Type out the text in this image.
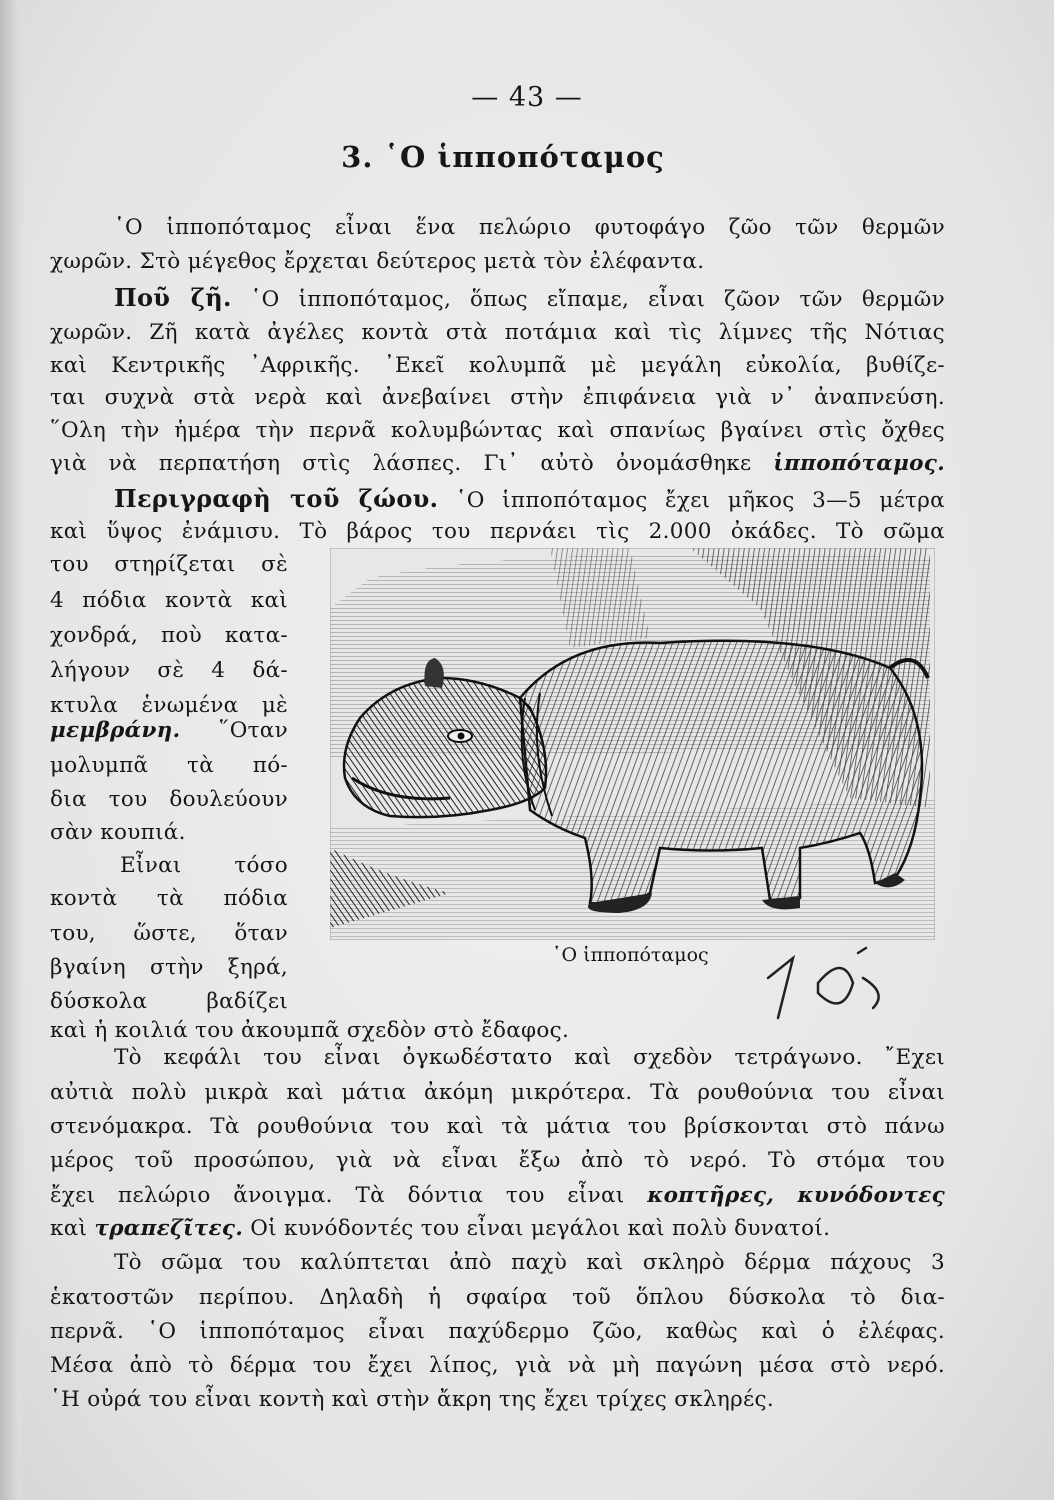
— 43 —
3. ῾Ο ἱπποπόταμος
῾Ο ἱπποπόταμος εἶναι ἕνα πελώριο φυτοφάγο ζῶο τῶν θερμῶν
χωρῶν. Στὸ μέγεθος ἔρχεται δεύτερος μετὰ τὸν ἐλέφαντα.
Ποῦ ζῆ. ῾Ο ἱπποπόταμος, ὅπως εἴπαμε, εἶναι ζῶον τῶν θερμῶν
χωρῶν. Ζῆ κατὰ ἀγέλες κοντὰ στὰ ποτάμια καὶ τὶς λίμνες τῆς Νότιας
καὶ Κεντρικῆς ᾿Αφρικῆς. ᾿Εκεῖ κολυμπᾶ μὲ μεγάλη εὐκολία, βυθίζε-
ται συχνὰ στὰ νερὰ καὶ ἀνεβαίνει στὴν ἐπιφάνεια γιὰ ν᾿ ἀναπνεύση.
῞Ολη τὴν ἡμέρα τὴν περνᾶ κολυμβώντας καὶ σπανίως βγαίνει στὶς ὄχθες
γιὰ νὰ περπατήση στὶς λάσπες. Γι᾿ αὐτὸ ὀνομάσθηκε ἱπποπόταμος.
Περιγραφὴ τοῦ ζώου. ῾Ο ἱπποπόταμος ἔχει μῆκος 3—5 μέτρα
καὶ ὕψος ἐνάμισυ. Τὸ βάρος του περνάει τὶς 2.000 ὀκάδες. Τὸ σῶμα
του στηρίζεται σὲ
4 πόδια κοντὰ καὶ
χονδρά, ποὺ κατα-
λήγουν σὲ 4 δά-
κτυλα ἑνωμένα μὲ
μεμβράνη. ῞Οταν
μολυμπᾶ τὰ πό-
δια του δουλεύουν
σὰν κουπιά.
Εἶναι τόσο
κοντὰ τὰ πόδια
του, ὥστε, ὅταν
βγαίνη στὴν ξηρά,
δύσκολα βαδίζει
καὶ ἡ κοιλιά του ἀκουμπᾶ σχεδὸν στὸ ἔδαφος.
῾Ο ἱπποπόταμος
Τὸ κεφάλι του εἶναι ὀγκωδέστατο καὶ σχεδὸν τετράγωνο. ῎Εχει
αὐτιὰ πολὺ μικρὰ καὶ μάτια ἀκόμη μικρότερα. Τὰ ρουθούνια του εἶναι
στενόμακρα. Τὰ ρουθούνια του καὶ τὰ μάτια του βρίσκονται στὸ πάνω
μέρος τοῦ προσώπου, γιὰ νὰ εἶναι ἔξω ἀπὸ τὸ νερό. Τὸ στόμα του
ἔχει πελώριο ἄνοιγμα. Τὰ δόντια του εἶναι κοπτῆρες, κυνόδοντες
καὶ τραπεζῖτες. Οἱ κυνόδοντές του εἶναι μεγάλοι καὶ πολὺ δυνατοί.
Τὸ σῶμα του καλύπτεται ἀπὸ παχὺ καὶ σκληρὸ δέρμα πάχους 3
ἑκατοστῶν περίπου. Δηλαδὴ ἡ σφαίρα τοῦ ὅπλου δύσκολα τὸ δια-
περνᾶ. ῾Ο ἱπποπόταμος εἶναι παχύδερμο ζῶο, καθὼς καὶ ὁ ἐλέφας.
Μέσα ἀπὸ τὸ δέρμα του ἔχει λίπος, γιὰ νὰ μὴ παγώνη μέσα στὸ νερό.
῾Η οὐρά του εἶναι κοντὴ καὶ στὴν ἄκρη της ἔχει τρίχες σκληρές.
